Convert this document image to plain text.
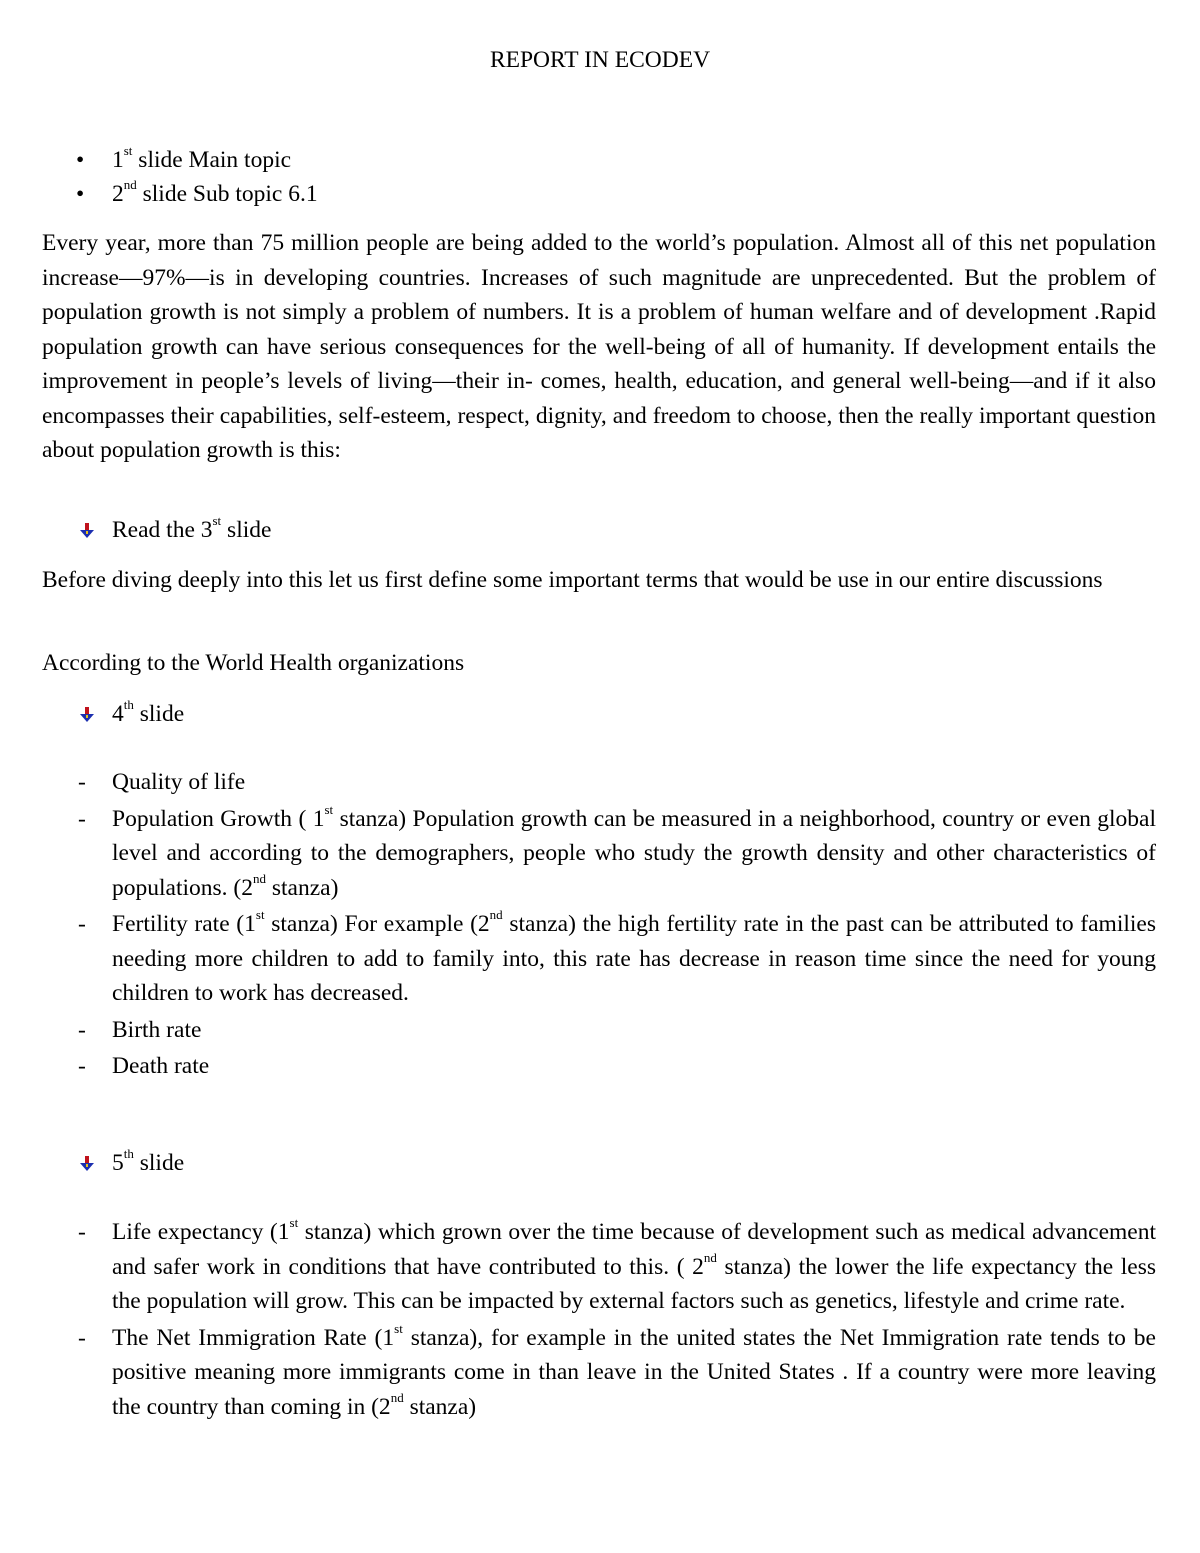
REPORT IN ECODEV
• 1st slide Main topic
• 2nd slide Sub topic 6.1
Every year, more than 75 million people are being added to the world’s population. Almost all of this net population increase—97%—is in developing countries. Increases of such magnitude are unprecedented. But the problem of population growth is not simply a problem of numbers. It is a problem of human welfare and of development .Rapid population growth can have serious consequences for the well-being of all of humanity. If development entails the improvement in people’s levels of living—their in- comes, health, education, and general well-being—and if it also encompasses their capabilities, self-esteem, respect, dignity, and freedom to choose, then the really important question about population growth is this:
Read the 3st slide
Before diving deeply into this let us first define some important terms that would be use in our entire discussions
According to the World Health organizations
4th slide
- Quality of life
- Population Growth ( 1st stanza) Population growth can be measured in a neighborhood, country or even global level and according to the demographers, people who study the growth density and other characteristics of populations. (2nd stanza)
- Fertility rate (1st stanza) For example (2nd stanza) the high fertility rate in the past can be attributed to families needing more children to add to family into, this rate has decrease in reason time since the need for young children to work has decreased.
- Birth rate
- Death rate
5th slide
- Life expectancy (1st stanza) which grown over the time because of development such as medical advancement and safer work in conditions that have contributed to this. ( 2nd stanza) the lower the life expectancy the less the population will grow. This can be impacted by external factors such as genetics, lifestyle and crime rate.
- The Net Immigration Rate (1st stanza), for example in the united states the Net Immigration rate tends to be positive meaning more immigrants come in than leave in the United States . If a country were more leaving the country than coming in (2nd stanza)
